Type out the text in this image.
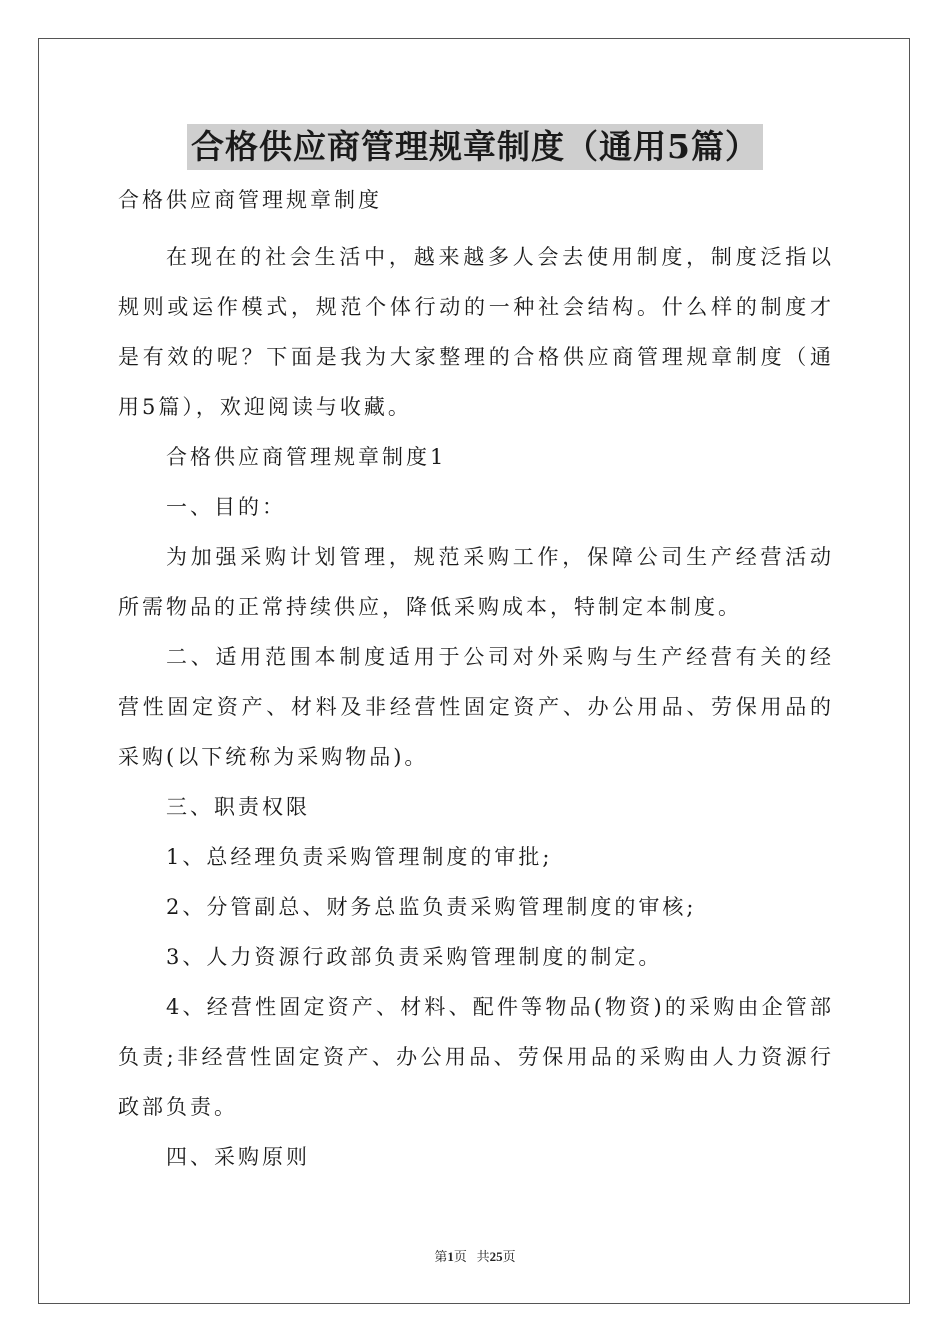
合格供应商管理规章制度（通用5篇）

合格供应商管理规章制度

在现在的社会生活中，越来越多人会去使用制度，制度泛指以规则或运作模式，规范个体行动的一种社会结构。什么样的制度才是有效的呢？下面是我为大家整理的合格供应商管理规章制度（通用5篇），欢迎阅读与收藏。

合格供应商管理规章制度1

一、目的：

为加强采购计划管理，规范采购工作，保障公司生产经营活动所需物品的正常持续供应，降低采购成本，特制定本制度。

二、适用范围本制度适用于公司对外采购与生产经营有关的经营性固定资产、材料及非经营性固定资产、办公用品、劳保用品的采购(以下统称为采购物品)。

三、职责权限

1、总经理负责采购管理制度的审批;

2、分管副总、财务总监负责采购管理制度的审核;

3、人力资源行政部负责采购管理制度的制定。

4、经营性固定资产、材料、配件等物品(物资)的采购由企管部负责;非经营性固定资产、办公用品、劳保用品的采购由人力资源行政部负责。

四、采购原则

第1页 共25页
